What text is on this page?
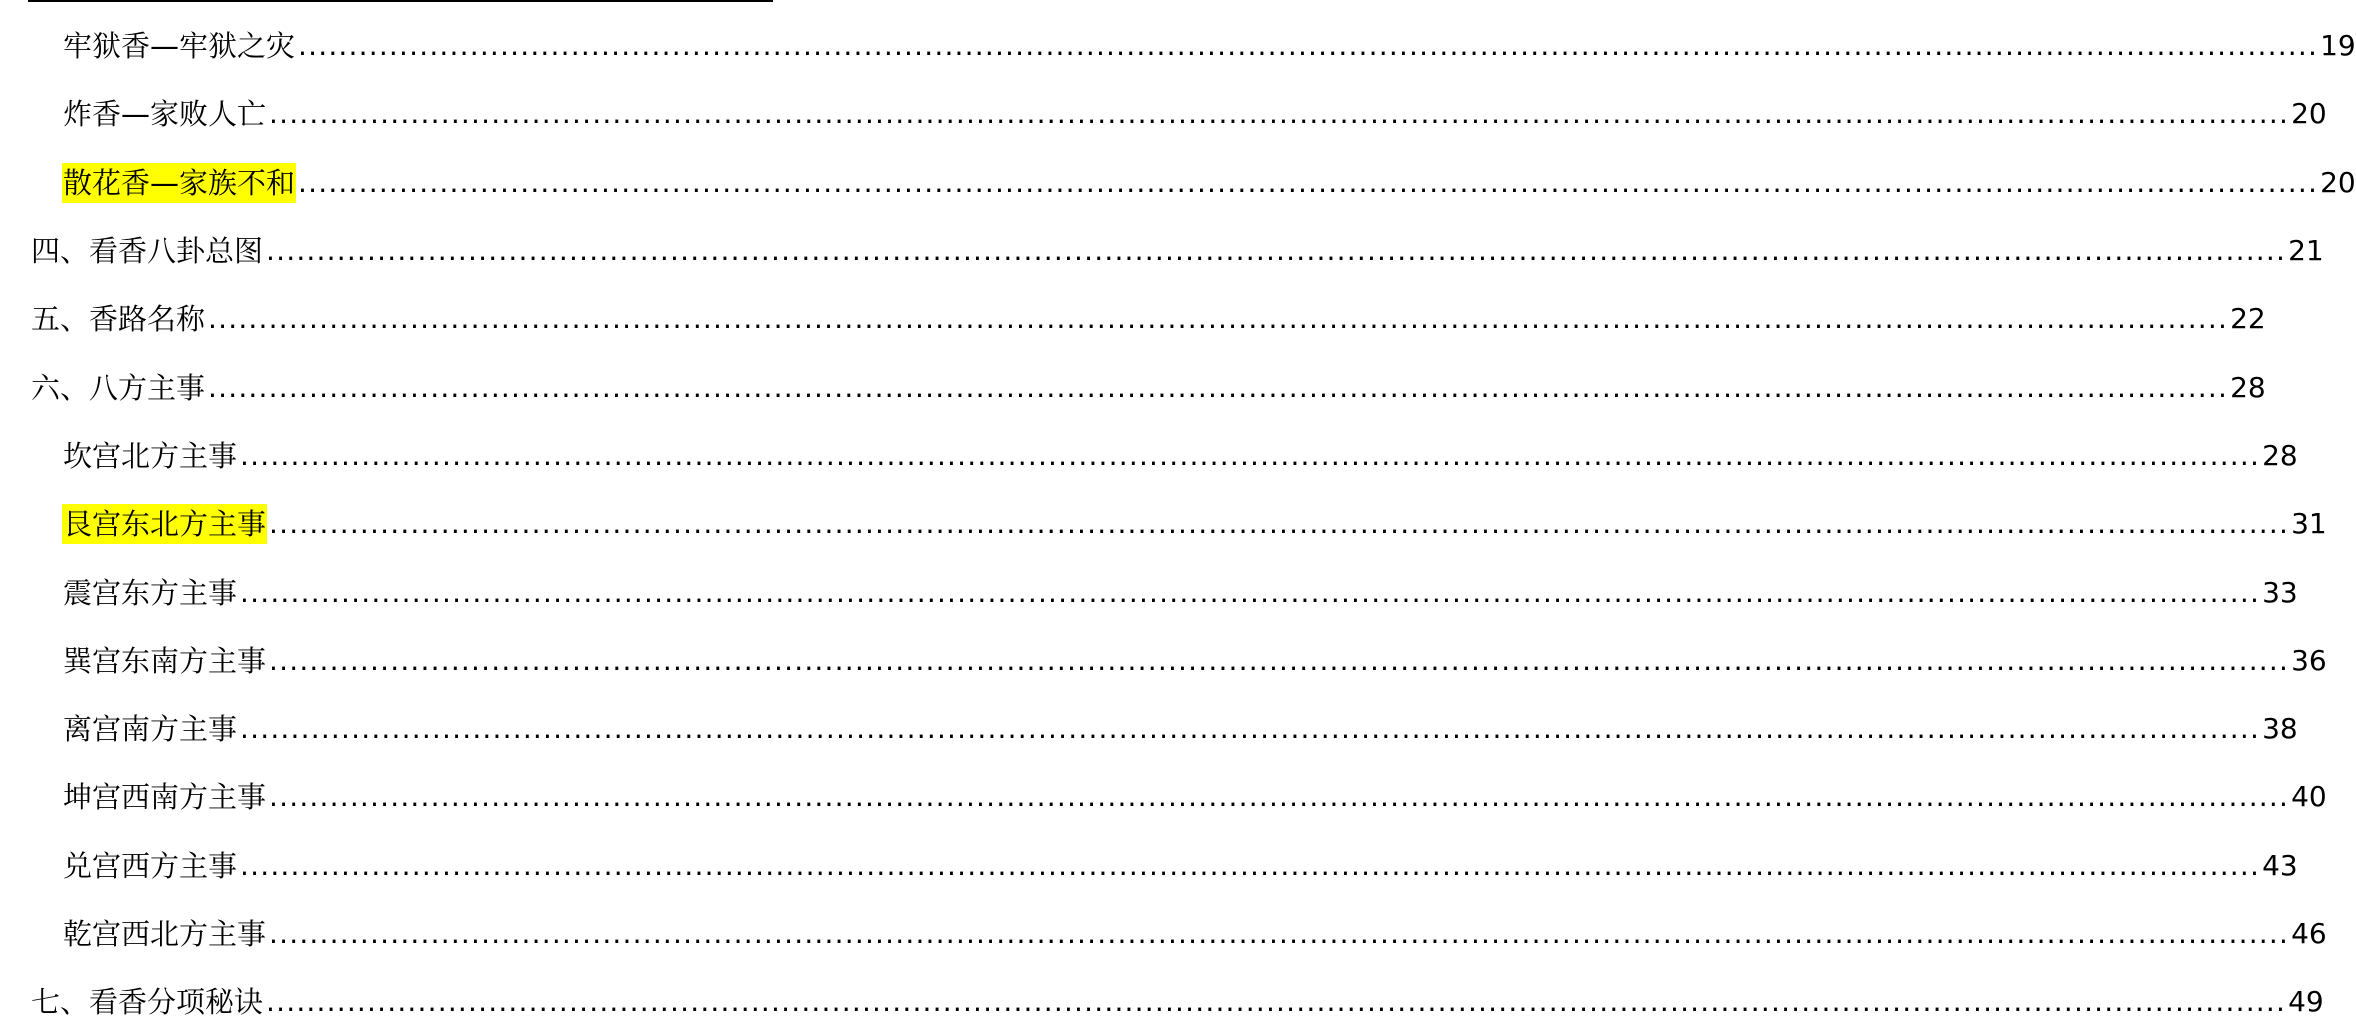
牢狱香—牢狱之灾 ........................................................................................................................................................................................................ 19
炸香—家败人亡 ........................................................................................................................................................................................................ 20
散花香—家族不和 ........................................................................................................................................................................................................ 20
四、看香八卦总图 ........................................................................................................................................................................................................ 21
五、香路名称 ........................................................................................................................................................................................................ 22
六、八方主事 ........................................................................................................................................................................................................ 28
坎宫北方主事 ........................................................................................................................................................................................................ 28
艮宫东北方主事 ........................................................................................................................................................................................................ 31
震宫东方主事 ........................................................................................................................................................................................................ 33
巽宫东南方主事 ........................................................................................................................................................................................................ 36
离宫南方主事 ........................................................................................................................................................................................................ 38
坤宫西南方主事 ........................................................................................................................................................................................................ 40
兑宫西方主事 ........................................................................................................................................................................................................ 43
乾宫西北方主事 ........................................................................................................................................................................................................ 46
七、看香分项秘诀 ........................................................................................................................................................................................................ 49
